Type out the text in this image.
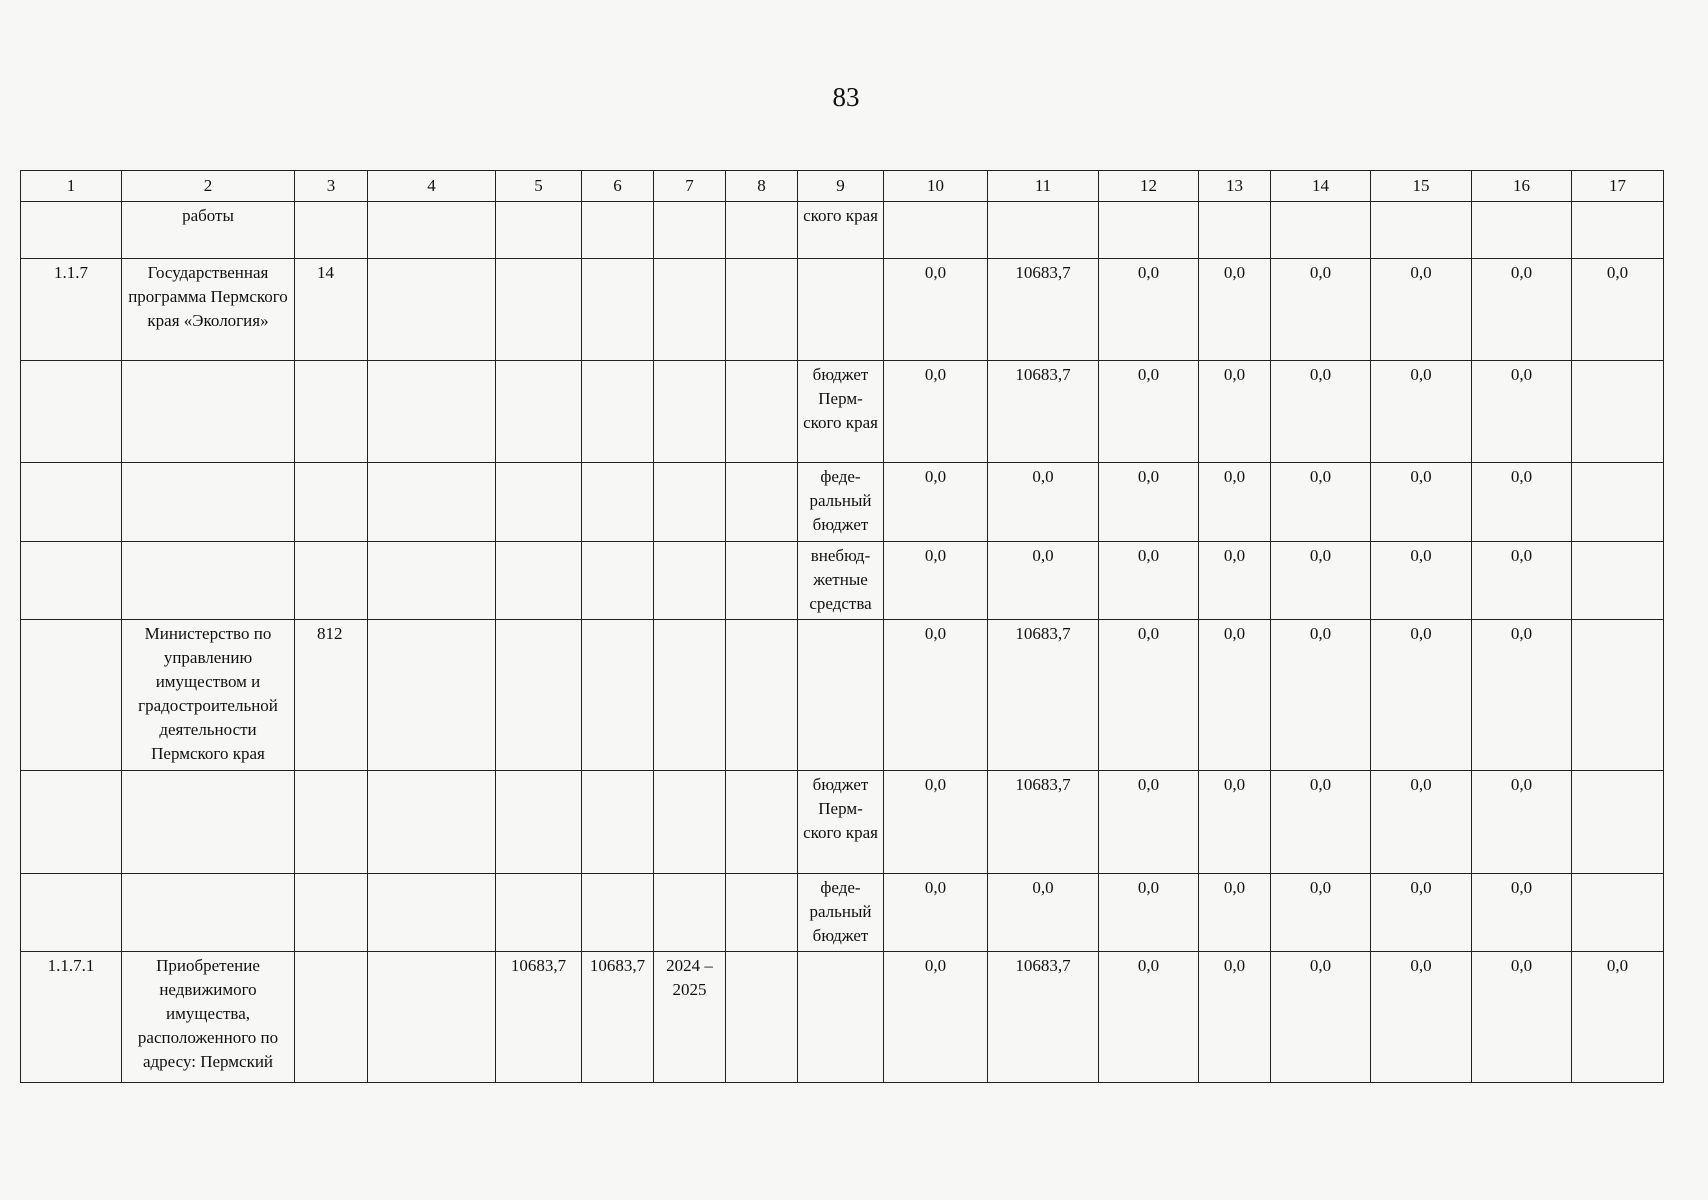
83
1	2	3	4	5	6	7	8	9	10	11	12	13	14	15	16	17
	работы							ского края								
1.1.7	Государственная программа Пермского края «Экология»	14							0,0	10683,7	0,0	0,0	0,0	0,0	0,0	0,0
								бюджет Перм-ского края	0,0	10683,7	0,0	0,0	0,0	0,0	0,0	
								феде-ральный бюджет	0,0	0,0	0,0	0,0	0,0	0,0	0,0	
								внебюд-жетные средства	0,0	0,0	0,0	0,0	0,0	0,0	0,0	
	Министерство по управлению имуществом и градостроительной деятельности Пермского края	812							0,0	10683,7	0,0	0,0	0,0	0,0	0,0	
								бюджет Перм-ского края	0,0	10683,7	0,0	0,0	0,0	0,0	0,0	
								феде-ральный бюджет	0,0	0,0	0,0	0,0	0,0	0,0	0,0	
1.1.7.1	Приобретение недвижимого имущества, расположенного по адресу: Пермский			10683,7	10683,7	2024 – 2025			0,0	10683,7	0,0	0,0	0,0	0,0	0,0	0,0
